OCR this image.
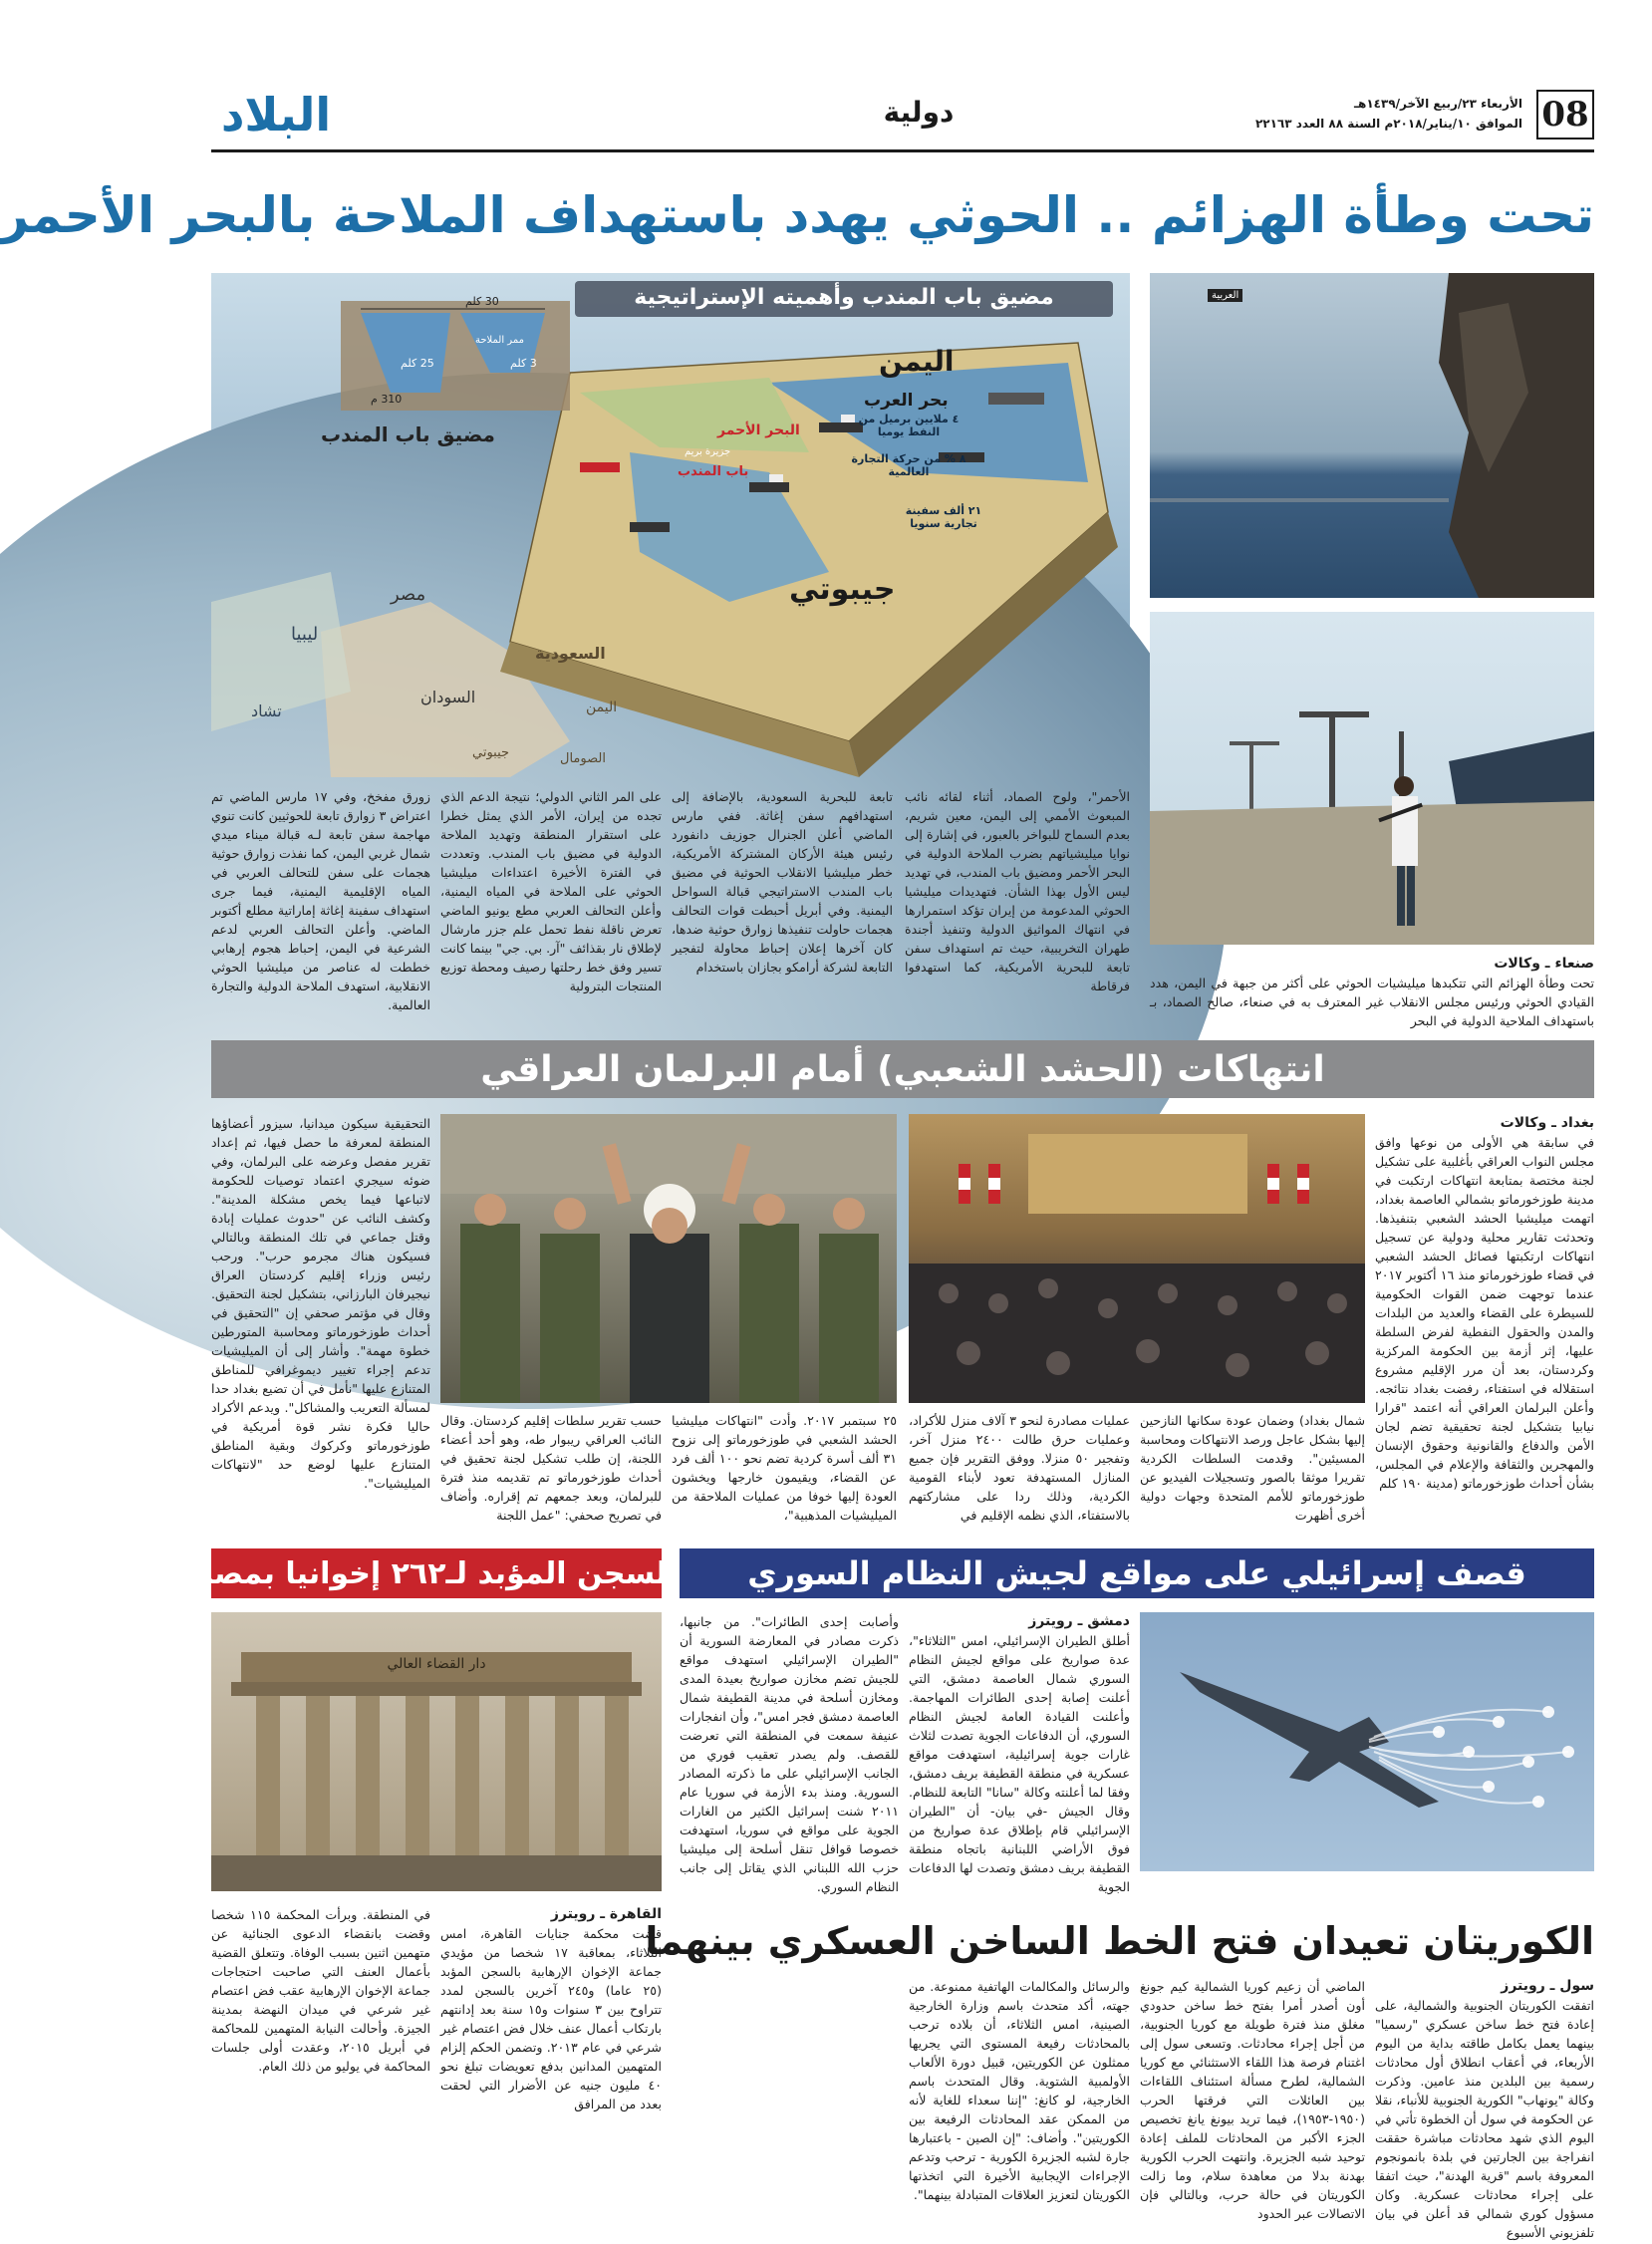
08
الأربعاء ٢٣/ربيع الآخر/١٤٣٩هـ
الموافق ١٠/يناير/٢٠١٨م السنة ٨٨ العدد ٢٢١٦٣
دولية
البلاد
تحت وطأة الهزائم .. الحوثي يهدد باستهداف الملاحة بالبحر الأحمر
مضيق باب المندب وأهميته الإستراتيجية
مضيق باب المندب
اليمن
جيبوتي
البحر الأحمر
بحر العرب
باب المندب
جزيرة بريم
٤ ملايين برميل من النفط يوميا
٨ % من حركة التجارة العالمية
٢١ ألف سفينة تجارية سنويا
ممر الملاحة
30 كلم
310 م
25 كلم	3 كلم
مصر
ليبيا
السودان
تشاد
السعودية
اليمن
جيبوتي	الصومال
العربية
صنعاء ـ وكالات
تحت وطأة الهزائم التي تتكبدها ميليشيات الحوثي على أكثر من جبهة في اليمن، هدد القيادي الحوثي ورئيس مجلس الانقلاب غير المعترف به في صنعاء، صالح الصماد، بـ باستهداف الملاحية الدولية في البحر
الأحمر"، ولوح الصماد، أثناء لقائه نائب المبعوث الأممي إلى اليمن، معين شريم، بعدم السماح للبواخر بالعبور، في إشارة إلى نوايا ميليشياتهم بضرب الملاحة الدولية في البحر الأحمر ومضيق باب المندب، في تهديد ليس الأول بهذا الشأن. فتهديدات ميليشيا الحوثي المدعومة من إيران تؤكد استمرارها في انتهاك المواثيق الدولية وتنفيذ أجندة طهران التخريبية، حيث تم استهداف سفن تابعة للبحرية الأمريكية، كما استهدفوا فرقاطة
تابعة للبحرية السعودية، بالإضافة إلى استهدافهم سفن إغاثة. ففي مارس الماضي أعلن الجنرال جوزيف دانفورد رئيس هيئة الأركان المشتركة الأمريكية، خطر ميليشيا الانقلاب الحوثية في مضيق باب المندب الاستراتيجي قبالة السواحل اليمنية. وفي أبريل أحبطت قوات التحالف هجمات حاولت تنفيذها زوارق حوثية ضدها، كان آخرها إعلان إحباط محاولة لتفجير التابعة لشركة أرامكو بجازان باستخدام
على المر الثاني الدولي؛ نتيجة الدعم الذي تجده من إيران، الأمر الذي يمثل خطرا على استقرار المنطقة وتهديد الملاحة الدولية في مضيق باب المندب. وتعددت في الفترة الأخيرة اعتداءات ميليشيا الحوثي على الملاحة في المياه اليمنية، وأعلن التحالف العربي مطع يونيو الماضي تعرض ناقلة نفط تحمل علم جزر مارشال لإطلاق نار بقذائف "آر. بي. جي" بينما كانت تسير وفق خط رحلتها رصيف ومحطة توزيع المنتجات البترولية
زورق مفخخ، وفي ١٧ مارس الماضي تم اعتراض ٣ زوارق تابعة للحوثيين كانت تنوي مهاجمة سفن تابعة لـه قبالة ميناء ميدي شمال غربي اليمن، كما نفذت زوارق حوثية هجمات على سفن للتحالف العربي في المياه الإقليمية اليمنية، فيما جرى استهداف سفينة إغاثة إماراتية مطلع أكتوبر الماضي. وأعلن التحالف العربي لدعم الشرعية في اليمن، إحباط هجوم إرهابي خططت له عناصر من ميليشيا الحوثي الانقلابية، استهدف الملاحة الدولية والتجارة العالمية.
انتهاكات (الحشد الشعبي) أمام البرلمان العراقي
بغداد ـ وكالات
في سابقة هي الأولى من نوعها وافق مجلس النواب العراقي بأغلبية على تشكيل لجنة مختصة بمتابعة انتهاكات ارتكبت في مدينة طوزخورماتو بشمالي العاصمة بغداد، اتهمت ميليشيا الحشد الشعبي بتنفيذها. وتحدثت تقارير محلية ودولية عن تسجيل انتهاكات ارتكبتها فصائل الحشد الشعبي في قضاء طوزخورماتو منذ ١٦ أكتوبر ٢٠١٧ عندما توجهت ضمن القوات الحكومية للسيطرة على القضاء والعديد من البلدات والمدن والحقول النفطية لفرض السلطة عليها، إثر أزمة بين الحكومة المركزية وكردستان، بعد أن مرر الإقليم مشروع استقلاله في استفتاء، رفضت بغداد نتائجه. وأعلن البرلمان العراقي أنه اعتمد "قرارا نيابيا بتشكيل لجنة تحقيقية تضم لجان الأمن والدفاع والقانونية وحقوق الإنسان والمهجرين والثقافة والإعلام في المجلس، بشأن أحداث طوزخورماتو (مدينة ١٩٠ كلم
شمال بغداد) وضمان عودة سكانها النازحين إليها بشكل عاجل ورصد الانتهاكات ومحاسبة المسيئين". وقدمت السلطات الكردية تقريرا موثقا بالصور وتسجيلات الفيديو عن طوزخورماتو للأمم المتحدة وجهات دولية أخرى أظهرت
عمليات مصادرة لنحو ٣ آلاف منزل للأكراد، وعمليات حرق طالت ٢٤٠٠ منزل آخر، وتفجير ٥٠ منزلا. ووفق التقرير فإن جميع المنازل المستهدفة تعود لأبناء القومية الكردية، وذلك ردا على مشاركتهم بالاستفتاء، الذي نظمه الإقليم في
٢٥ سبتمبر ٢٠١٧. وأدت "انتهاكات ميليشيا الحشد الشعبي في طوزخورماتو إلى نزوح ٣١ ألف أسرة كردية تضم نحو ١٠٠ ألف فرد عن القضاء، ويقيمون خارجها ويخشون العودة إليها خوفا من عمليات الملاحقة من الميليشيات المذهبية"،
حسب تقرير سلطات إقليم كردستان. وقال النائب العراقي ريبوار طه، وهو أحد أعضاء اللجنة، إن طلب تشكيل لجنة تحقيق في أحداث طوزخورماتو تم تقديمه منذ فترة للبرلمان، وبعد جمعهم تم إقراره. وأضاف في تصريح صحفي: "عمل اللجنة
التحقيقية سيكون ميدانيا، سيزور أعضاؤها المنطقة لمعرفة ما حصل فيها، ثم إعداد تقرير مفصل وعرضه على البرلمان، وفي ضوئه سيجري اعتماد توصيات للحكومة لاتباعها فيما يخص مشكلة المدينة". وكشف النائب عن "حدوث عمليات إبادة وقتل جماعي في تلك المنطقة وبالتالي فسيكون هناك مجرمو حرب". ورحب رئيس وزراء إقليم كردستان العراق نيجيرفان البارزاني، بتشكيل لجنة التحقيق. وقال في مؤتمر صحفي إن "التحقيق في أحداث طوزخورماتو ومحاسبة المتورطين خطوة مهمة". وأشار إلى أن الميليشيات تدعم إجراء تغيير ديموغرافي للمناطق المتنازع عليها "نأمل في أن تضيع بغداد حدا لمسألة التعريب والمشاكل". ويدعم الأكراد حاليا فكرة نشر قوة أمريكية في طوزخورماتو وكركوك وبقية المناطق المتنازع عليها لوضع حد "لانتهاكات الميليشيات".
قصف إسرائيلي على مواقع لجيش النظام السوري
دمشق ـ رويترز
أطلق الطيران الإسرائيلي، امس "الثلاثاء"، عدة صواريخ على مواقع لجيش النظام السوري شمال العاصمة دمشق، التي أعلنت إصابة إحدى الطائرات المهاجمة. وأعلنت القيادة العامة لجيش النظام السوري، أن الدفاعات الجوية تصدت لثلاث غارات جوية إسرائيلية، استهدفت مواقع عسكرية في منطقة القطيفة بريف دمشق، وفقا لما أعلنته وكالة "سانا" التابعة للنظام. وقال الجيش -في بيان- أن "الطيران الإسرائيلي قام بإطلاق عدة صواريخ من فوق الأراضي اللبنانية باتجاه منطقة القطيفة بريف دمشق وتصدت لها الدفاعات الجوية
وأصابت إحدى الطائرات". من جانبها، ذكرت مصادر في المعارضة السورية أن "الطيران الإسرائيلي استهدف مواقع للجيش تضم مخازن صواريخ بعيدة المدى ومخازن أسلحة في مدينة القطيفة شمال العاصمة دمشق فجر امس"، وأن انفجارات عنيفة سمعت في المنطقة التي تعرضت للقصف. ولم يصدر تعقيب فوري من الجانب الإسرائيلي على ما ذكرته المصادر السورية. ومنذ بدء الأزمة في سوريا عام ٢٠١١ شنت إسرائيل الكثير من الغارات الجوية على مواقع في سوريا، استهدفت خصوصا قوافل تنقل أسلحة إلى ميليشيا حزب الله اللبناني الذي يقاتل إلى جانب النظام السوري.
السجن المؤبد لـ٢٦٢ إخوانيا بمصر
دار القضاء العالي
القاهرة ـ رويترز
قضت محكمة جنايات القاهرة، امس الثلاثاء، بمعاقبة ١٧ شخصا من مؤيدي جماعة الإخوان الإرهابية بالسجن المؤبد (٢٥ عاما) و٢٤٥ آخرين بالسجن لمدد تتراوح بين ٣ سنوات و١٥ سنة بعد إدانتهم بارتكاب أعمال عنف خلال فض اعتصام غير شرعي في عام ٢٠١٣. وتضمن الحكم إلزام المتهمين المدانين بدفع تعويضات تبلغ نحو ٤٠ مليون جنيه عن الأضرار التي لحقت بعدد من المرافق
في المنطقة. وبرأت المحكمة ١١٥ شخصا وقضت بانقضاء الدعوى الجنائية عن متهمين اثنين بسبب الوفاة. وتتعلق القضية بأعمال العنف التي صاحبت احتجاجات جماعة الإخوان الإرهابية عقب فض اعتصام غير شرعي في ميدان النهضة بمدينة الجيزة. وأحالت النيابة المتهمين للمحاكمة في أبريل ٢٠١٥، وعقدت أولى جلسات المحاكمة في يوليو من ذلك العام.
الكوريتان تعيدان فتح الخط الساخن العسكري بينهما
سول ـ رويترز
اتفقت الكوريتان الجنوبية والشمالية، على إعادة فتح خط ساخن عسكري "رسميا" بينهما يعمل بكامل طاقته بداية من اليوم الأربعاء، في أعقاب انطلاق أول محادثات رسمية بين البلدين منذ عامين. وذكرت وكالة "يونهاب" الكورية الجنوبية للأنباء، نقلا عن الحكومة في سول أن الخطوة تأتي في اليوم الذي شهد محادثات مباشرة حققت انفراجة بين الجارتين في بلدة بانمونجوم المعروفة باسم "قرية الهدنة"، حيث اتفقا على إجراء محادثات عسكرية. وكان مسؤول كوري شمالي قد أعلن في بيان تلفزيوني الأسبوع
الماضي أن زعيم كوريا الشمالية كيم جونغ أون أصدر أمرا بفتح خط ساخن حدودي مغلق منذ فترة طويلة مع كوريا الجنوبية، من أجل إجراء محادثات. وتسعى سول إلى اغتنام فرصة هذا اللقاء الاستثنائي مع كوريا الشمالية، لطرح مسألة استئناف اللقاءات بين العائلات التي فرقتها الحرب (١٩٥٠-١٩٥٣)، فيما تريد بيونغ يانغ تخصيص الجزء الأكبر من المحادثات للملف إعادة توحيد شبه الجزيرة. وانتهت الحرب الكورية بهدنة بدلا من معاهدة سلام، وما زالت الكوريتان في حالة حرب، وبالتالي فإن الاتصالات عبر الحدود
والرسائل والمكالمات الهاتفية ممنوعة. من جهته، أكد متحدث باسم وزارة الخارجية الصينية، امس الثلاثاء، أن بلاده ترحب بالمحادثات رفيعة المستوى التي يجريها ممثلون عن الكوريتين، قبيل دورة الألعاب الأولمبية الشتوية. وقال المتحدث باسم الخارجية، لو كانغ: "إننا سعداء للغاية لأنه من الممكن عقد المحادثات الرفيعة بين الكوريتين". وأضاف: "إن الصين - باعتبارها جارة لشبه الجزيرة الكورية - ترحب وتدعم الإجراءات الإيجابية الأخيرة التي اتخذتها الكوريتان لتعزيز العلاقات المتبادلة بينهما".
